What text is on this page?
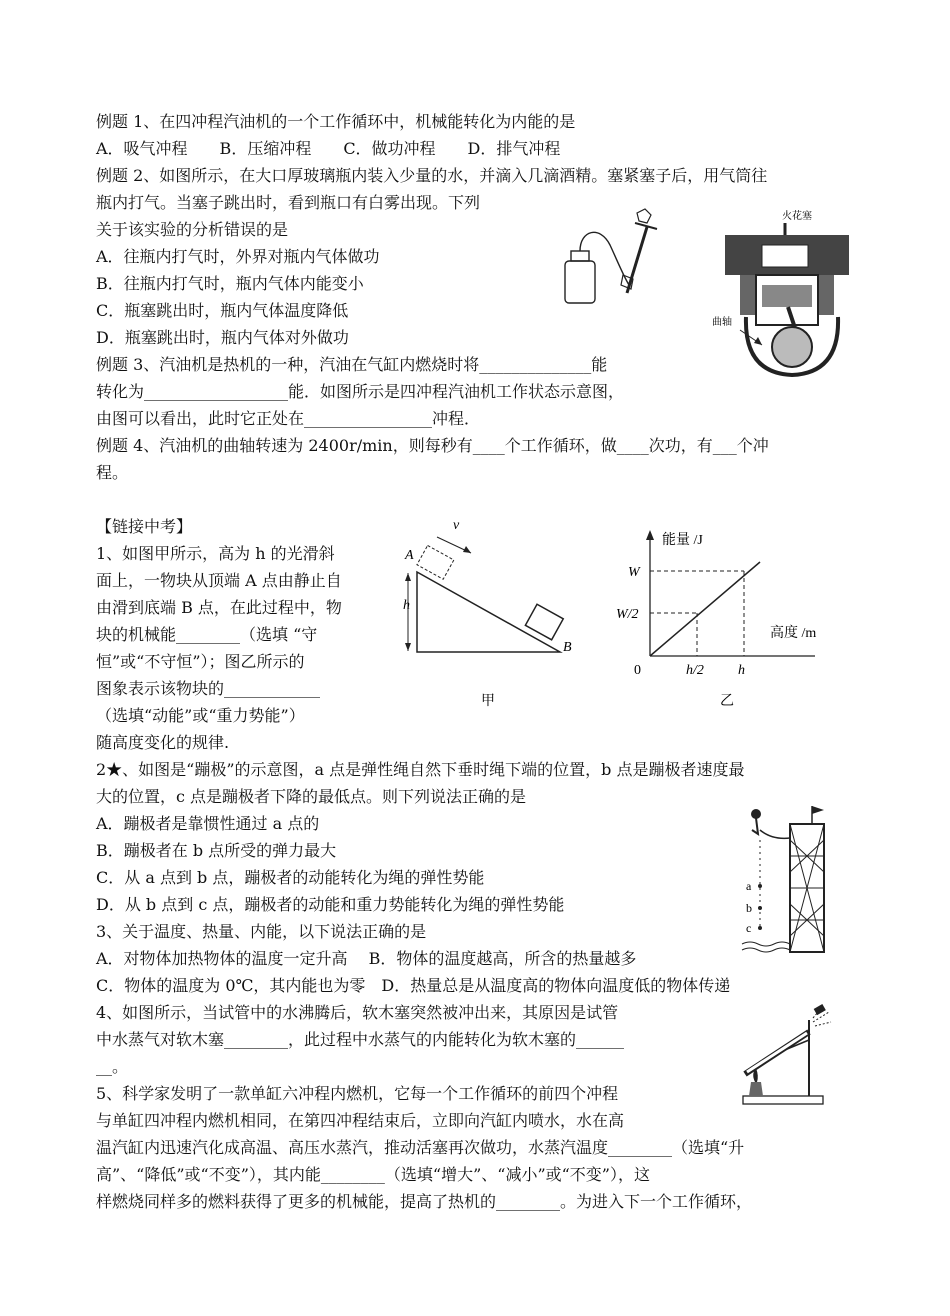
例题 1、在四冲程汽油机的一个工作循环中，机械能转化为内能的是
A．吸气冲程　　B．压缩冲程　　C．做功冲程　　D．排气冲程
例题 2、如图所示，在大口厚玻璃瓶内装入少量的水，并滴入几滴酒精。塞紧塞子后，用气筒往
瓶内打气。当塞子跳出时，看到瓶口有白雾出现。下列
关于该实验的分析错误的是
A．往瓶内打气时，外界对瓶内气体做功
B．往瓶内打气时，瓶内气体内能变小
C．瓶塞跳出时，瓶内气体温度降低
D．瓶塞跳出时，瓶内气体对外做功
例题 3、汽油机是热机的一种，汽油在气缸内燃烧时将______________能
转化为__________________能．如图所示是四冲程汽油机工作状态示意图，
由图可以看出，此时它正处在________________冲程．
例题 4、汽油机的曲轴转速为 2400r/min，则每秒有____个工作循环，做____次功，有___个冲
程。
火花塞
曲轴
【链接中考】
1、如图甲所示，高为 h 的光滑斜
面上，一物块从顶端 A 点由静止自
由滑到底端 B 点，在此过程中，物
块的机械能________（选填 “守
恒”或“不守恒”）；图乙所示的
图象表示该物块的____________
（选填“动能”或“重力势能”）
随高度变化的规律.
v
A
h
B
甲
能量 /J
高度 /m
W
W/2
0	h/2 h
乙
2★、如图是“蹦极”的示意图，a 点是弹性绳自然下垂时绳下端的位置，b 点是蹦极者速度最
大的位置，c 点是蹦极者下降的最低点。则下列说法正确的是
A．蹦极者是靠惯性通过 a 点的
B．蹦极者在 b 点所受的弹力最大
C．从 a 点到 b 点，蹦极者的动能转化为绳的弹性势能
D．从 b 点到 c 点，蹦极者的动能和重力势能转化为绳的弹性势能
a
b
c
3、关于温度、热量、内能，以下说法正确的是
A．对物体加热物体的温度一定升高　 B．物体的温度越高，所含的热量越多
C．物体的温度为 0℃，其内能也为零　D．热量总是从温度高的物体向温度低的物体传递
4、如图所示，当试管中的水沸腾后，软木塞突然被冲出来，其原因是试管
中水蒸气对软木塞________，此过程中水蒸气的内能转化为软木塞的______
__。
5、科学家发明了一款单缸六冲程内燃机，它每一个工作循环的前四个冲程
与单缸四冲程内燃机相同，在第四冲程结束后，立即向汽缸内喷水，水在高
温汽缸内迅速汽化成高温、高压水蒸汽，推动活塞再次做功，水蒸汽温度________（选填“升
高”、“降低”或“不变”），其内能________（选填“增大”、“减小”或“不变”），这
样燃烧同样多的燃料获得了更多的机械能，提高了热机的________。为进入下一个工作循环，
